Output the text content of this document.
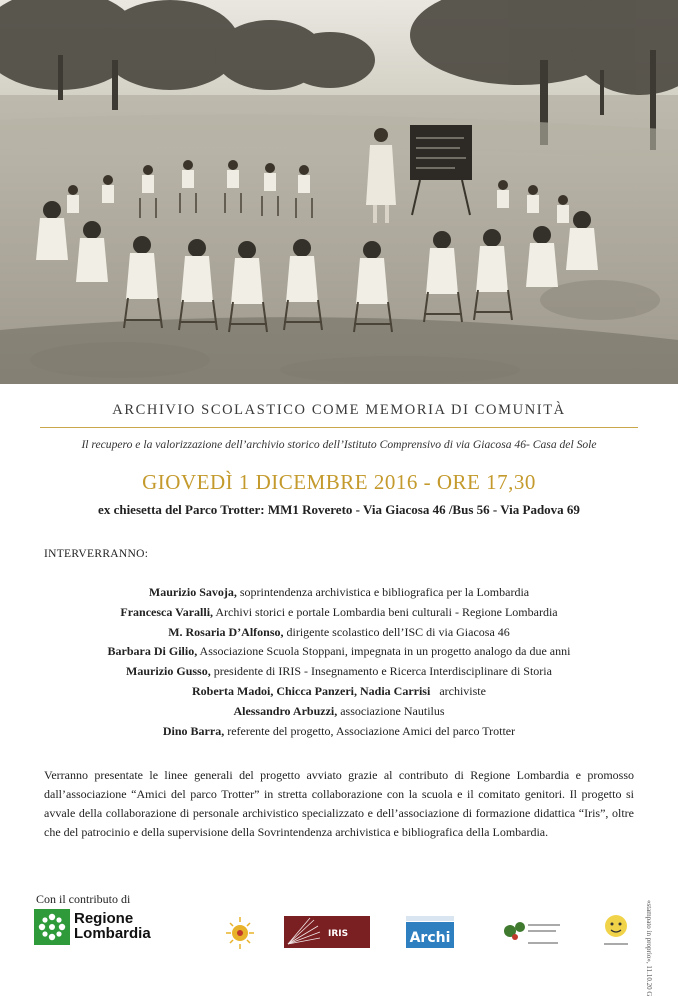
ARCHIVIO SCOLASTICO COME MEMORIA DI COMUNITÀ
Il recupero e la valorizzazione dell’archivio storico dell’Istituto Comprensivo di via Giacosa 46- Casa del Sole
GIOVEDÌ 1 DICEMBRE 2016 - ORE 17,30
ex chiesetta del Parco Trotter: MM1 Rovereto - Via Giacosa 46 /Bus 56 - Via Padova 69
INTERVERRANNO:
Maurizio Savoja, soprintendenza archivistica e bibliografica per la Lombardia
Francesca Varalli, Archivi storici e portale Lombardia beni culturali - Regione Lombardia
M. Rosaria D’Alfonso, dirigente scolastico dell’ISC di via Giacosa 46
Barbara Di Gilio, Associazione Scuola Stoppani, impegnata in un progetto analogo da due anni
Maurizio Gusso, presidente di IRIS - Insegnamento e Ricerca Interdisciplinare di Storia
Roberta Madoi, Chicca Panzeri, Nadia Carrisi   archiviste
Alessandro Arbuzzi, associazione Nautilus
Dino Barra, referente del progetto, Associazione Amici del parco Trotter
Verranno presentate le linee generali del progetto avviato grazie al contributo di Regione Lombardia e promosso dall’associazione “Amici del parco Trotter” in stretta collaborazione con la scuola e il comitato genitori. Il progetto si avvale della collaborazione di personale archivistico specializzato e dell’associazione di formazione didattica “Iris”, oltre che del patrocinio e della supervisione della Sovrintendenza archivistica e bibliografica della Lombardia.
«stampato in proprio», 11.10.20 G
Con il contributo di
Regione
Lombardia	IRIS	Archi
